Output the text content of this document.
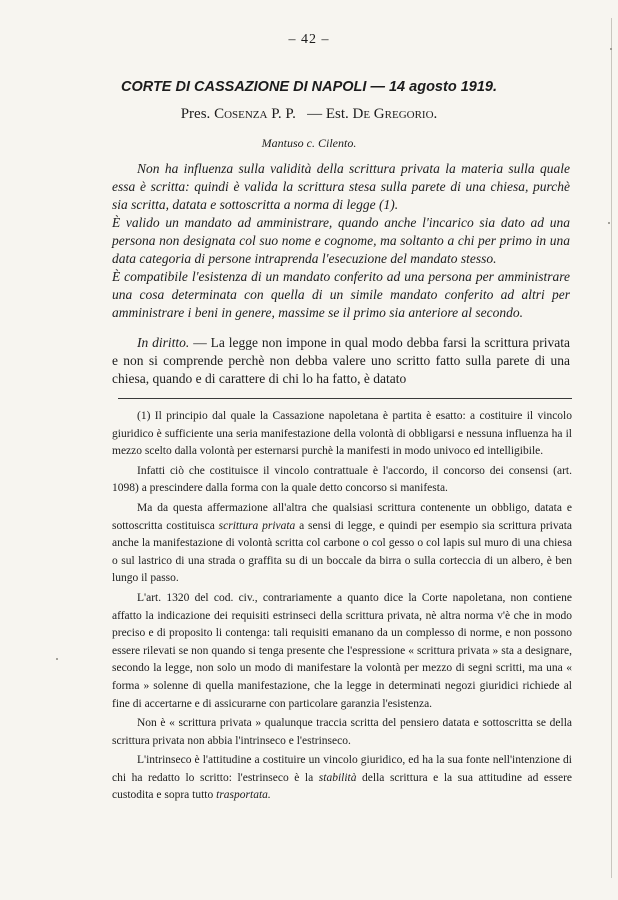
– 42 –
CORTE DI CASSAZIONE DI NAPOLI — 14 agosto 1919.
Pres. Cosenza P. P. — Est. De Gregorio.
Mantuso c. Cilento.

Non ha influenza sulla validità della scrittura privata la materia sulla quale essa è scritta: quindi è valida la scrittura stesa sulla parete di una chiesa, purchè sia scritta, datata e sottoscritta a norma di legge (1).

È valido un mandato ad amministrare, quando anche l'incarico sia dato ad una persona non designata col suo nome e cognome, ma soltanto a chi per primo in una data categoria di persone intraprenda l'esecuzione del mandato stesso.

È compatibile l'esistenza di un mandato conferito ad una persona per amministrare una cosa determinata con quella di un simile mandato conferito ad altri per amministrare i beni in genere, massime se il primo sia anteriore al secondo.

In diritto. — La legge non impone in qual modo debba farsi la scrittura privata e non si comprende perchè non debba valere uno scritto fatto sulla parete di una chiesa, quando e di carattere di chi lo ha fatto, è datato

(1) Il principio dal quale la Cassazione napoletana è partita è esatto: a costituire il vincolo giuridico è sufficiente una seria manifestazione della volontà di obbligarsi e nessuna influenza ha il mezzo scelto dalla volontà per esternarsi purchè la manifesti in modo univoco ed intelligibile.

Infatti ciò che costituisce il vincolo contrattuale è l'accordo, il concorso dei consensi (art. 1098) a prescindere dalla forma con la quale detto concorso si manifesta.

Ma da questa affermazione all'altra che qualsiasi scrittura contenente un obbligo, datata e sottoscritta costituisca scrittura privata a sensi di legge, e quindi per esempio sia scrittura privata anche la manifestazione di volontà scritta col carbone o col gesso o col lapis sul muro di una chiesa o sul lastrico di una strada o graffita su di un boccale da birra o sulla corteccia di un albero, è ben lungo il passo.

L'art. 1320 del cod. civ., contrariamente a quanto dice la Corte napoletana, non contiene affatto la indicazione dei requisiti estrinseci della scrittura privata, nè altra norma v'è che in modo preciso e di proposito li contenga: tali requisiti emanano da un complesso di norme, e non possono essere rilevati se non quando si tenga presente che l'espressione « scrittura privata » sta a designare, secondo la legge, non solo un modo di manifestare la volontà per mezzo di segni scritti, ma una « forma » solenne di quella manifestazione, che la legge in determinati negozi giuridici richiede al fine di accertarne e di assicurarne con particolare garanzia l'esistenza.

Non è « scrittura privata » qualunque traccia scritta del pensiero datata e sottoscritta se della scrittura privata non abbia l'intrinseco e l'estrinseco.

L'intrinseco è l'attitudine a costituire un vincolo giuridico, ed ha la sua fonte nell'intenzione di chi ha redatto lo scritto: l'estrinseco è la stabilità della scrittura e la sua attitudine ad essere custodita e sopra tutto trasportata.
